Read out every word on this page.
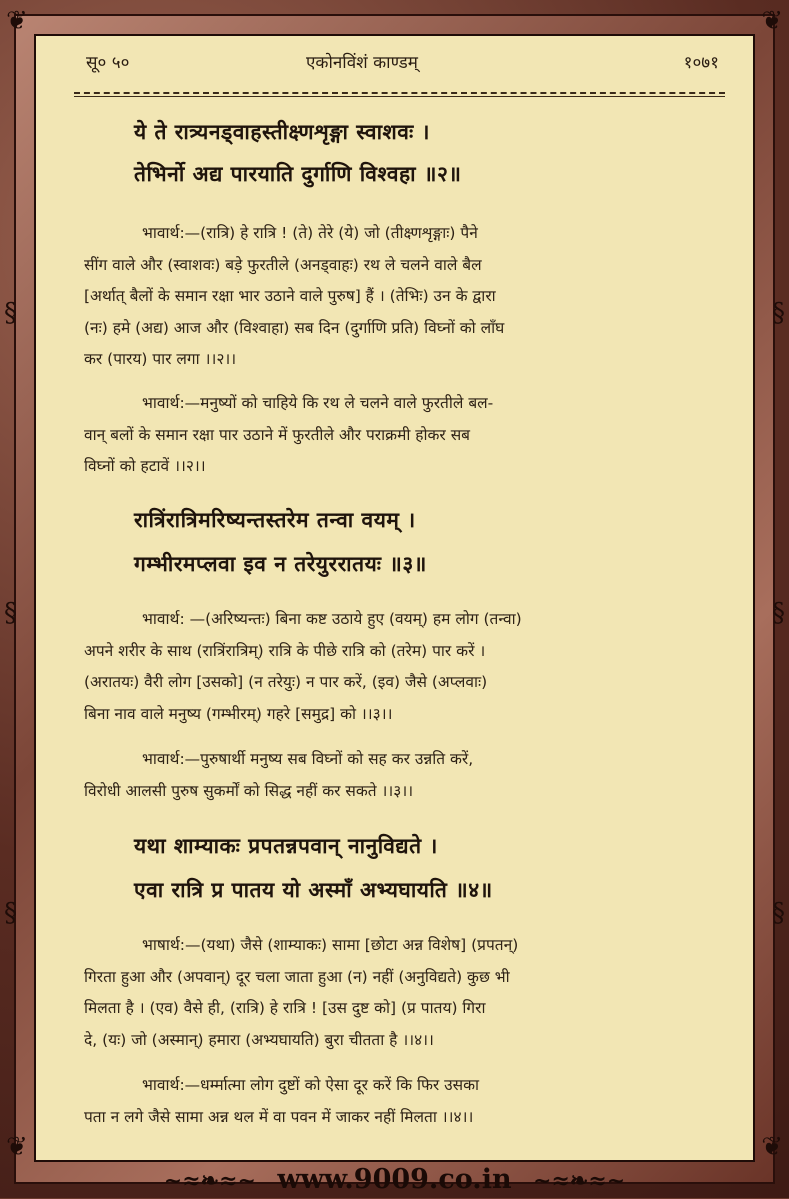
❦	❦
❦	❦
§
§
§
§
§
§
सू० ५०	एकोनविंशं काण्डम्	१०७१
ये ते रात्र्यनड्वाहस्तीक्ष्णशृङ्गा स्वाशवः ।
तेभिर्नो अद्य पारयाति दुर्गाणि विश्वहा ॥२॥

भावार्थ:—(रात्रि) हे रात्रि ! (ते) तेरे (ये) जो (तीक्ष्णशृङ्गाः) पैने

सींग वाले और (स्वाशवः) बड़े फुरतीले (अनड्वाहः) रथ ले चलने वाले बैल

[अर्थात् बैलों के समान रक्षा भार उठाने वाले पुरुष] हैं । (तेभिः) उन के द्वारा

(नः) हमे (अद्य) आज और (विश्वाहा) सब दिन (दुर्गाणि प्रति) विघ्नों को लाँघ

कर (पारय) पार लगा ।।२।।

भावार्थ:—मनुष्यों को चाहिये कि रथ ले चलने वाले फुरतीले बल-

वान् बलों के समान रक्षा पार उठाने में फुरतीले और पराक्रमी होकर सब

विघ्नों को हटावें ।।२।।

रात्रिंरात्रिमरिष्यन्तस्तरेम तन्वा वयम् ।
गम्भीरमप्लवा इव न तरेयुररातयः ॥३॥

भावार्थ: —(अरिष्यन्तः) बिना कष्ट उठाये हुए (वयम्) हम लोग (तन्वा)

अपने शरीर के साथ (रात्रिंरात्रिम्) रात्रि के पीछे रात्रि को (तरेम) पार करें ।

(अरातयः) वैरी लोग [उसको] (न तरेयुः) न पार करें, (इव) जैसे (अप्लवाः)

बिना नाव वाले मनुष्य (गम्भीरम्) गहरे [समुद्र] को ।।३।।

भावार्थ:—पुरुषार्थी मनुष्य सब विघ्नों को सह कर उन्नति करें,

विरोधी आलसी पुरुष सुकर्मों को सिद्ध नहीं कर सकते ।।३।।

यथा शाम्याकः प्रपतन्नपवान् नानुविद्यते ।
एवा रात्रि प्र पातय यो अस्माँ अभ्यघायति ॥४॥

भाषार्थ:—(यथा) जैसे (शाम्याकः) सामा [छोटा अन्न विशेष] (प्रपतन्)

गिरता हुआ और (अपवान्) दूर चला जाता हुआ (न) नहीं (अनुविद्यते) कुछ भी

मिलता है । (एव) वैसे ही, (रात्रि) हे रात्रि ! [उस दुष्ट को] (प्र पातय) गिरा

दे, (यः) जो (अस्मान्) हमारा (अभ्यघायति) बुरा चीतता है ।।४।।

भावार्थ:—धर्म्मात्मा लोग दुष्टों को ऐसा दूर करें कि फिर उसका

पता न लगे जैसे सामा अन्न थल में वा पवन में जाकर नहीं मिलता ।।४।।

~≈❧≈~ www.9009.co.in ~≈❧≈~
